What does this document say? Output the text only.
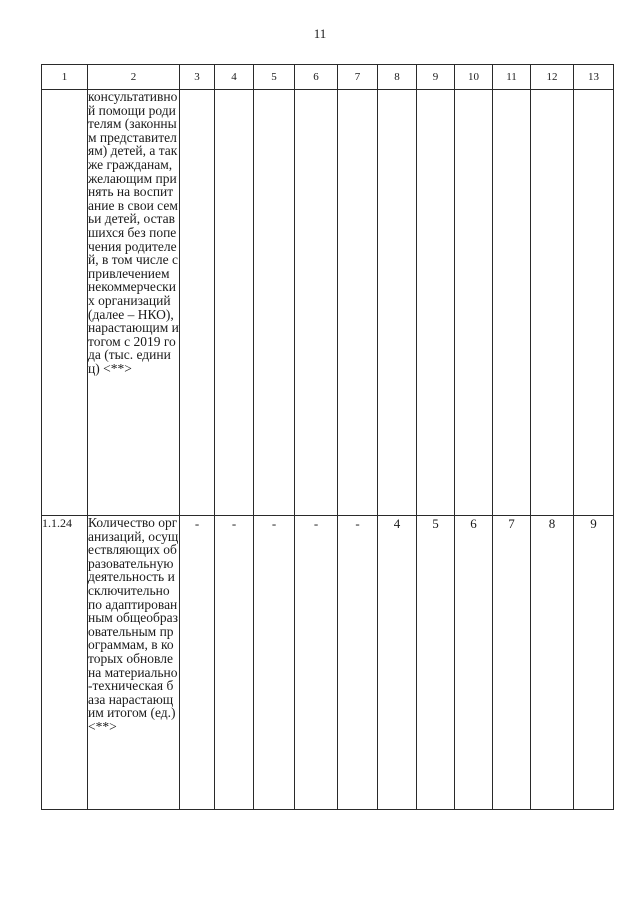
11
1	2	3	4	5	6	7	8	9	10	11	12	13
	консультативной помощи родителям (законным представителям) детей, а также гражданам, желающим принять на воспитание в свои семьи детей, оставшихся без попечения родителей, в том числе с привлечением некоммерческих организаций (далее – НКО), нарастающим итогом с 2019 года (тыс. единиц) <**>											
1.1.24	Количество организаций, осуществляющих образовательную деятельность исключительно по адаптированным общеобразовательным программам, в которых обновлена материально-техническая база нарастающим итогом (ед.) <**>	-	-	-	-	-	4	5	6	7	8	9
